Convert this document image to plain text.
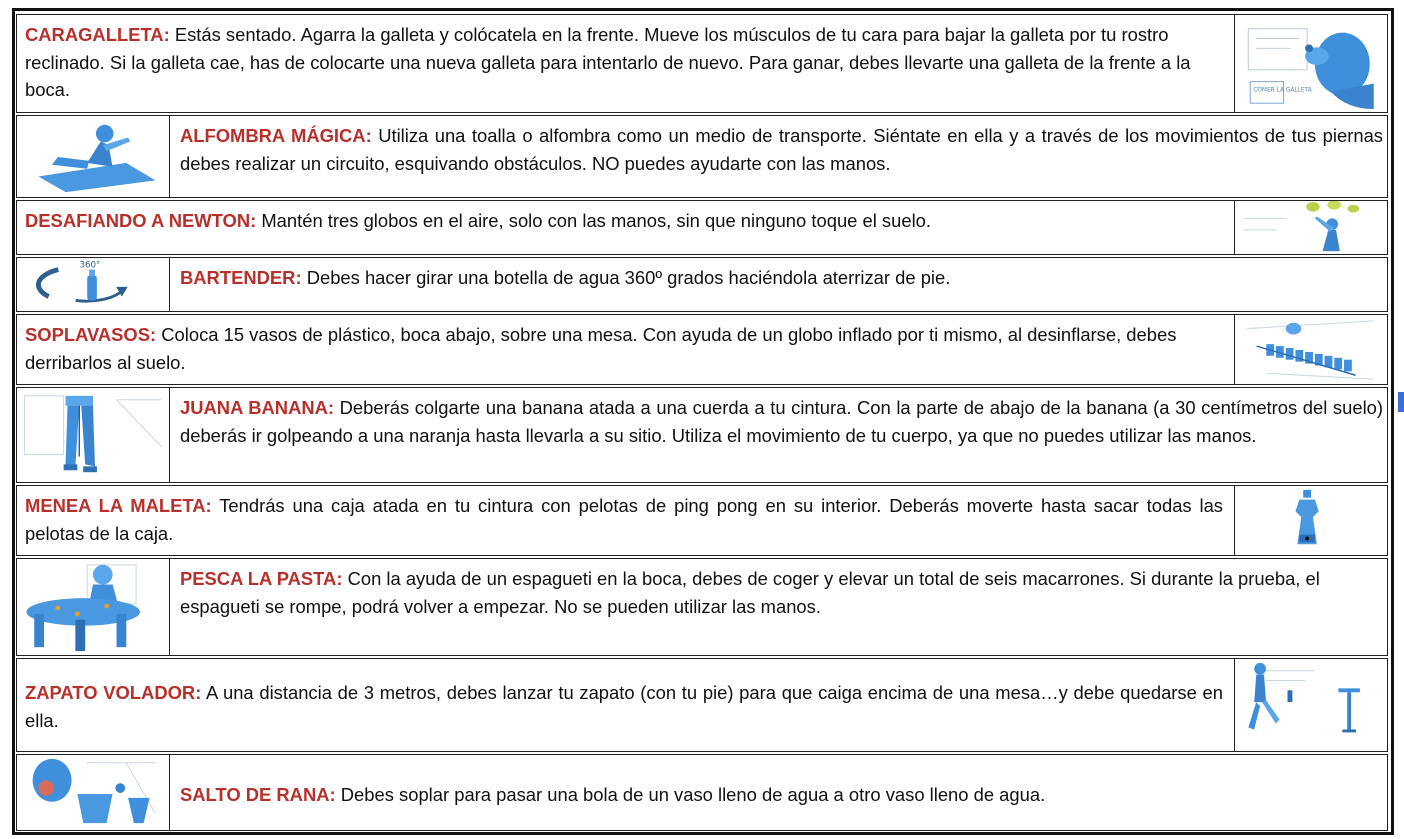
CARAGALLETA: Estás sentado. Agarra la galleta y colócatela en la frente. Mueve los músculos de tu cara para bajar la galleta por tu rostro reclinado. Si la galleta cae, has de colocarte una nueva galleta para intentarlo de nuevo. Para ganar, debes llevarte una galleta de la frente a la boca.	COMER LA GALLETA
ALFOMBRA MÁGICA: Utiliza una toalla o alfombra como un medio de transporte. Siéntate en ella y a través de los movimientos de tus piernas debes realizar un circuito, esquivando obstáculos. NO puedes ayudarte con las manos.
DESAFIANDO A NEWTON: Mantén tres globos en el aire, solo con las manos, sin que ninguno toque el suelo.
360°
BARTENDER: Debes hacer girar una botella de agua 360º grados haciéndola aterrizar de pie.
SOPLAVASOS: Coloca 15 vasos de plástico, boca abajo, sobre una mesa. Con ayuda de un globo inflado por ti mismo, al desinflarse, debes derribarlos al suelo.
JUANA BANANA: Deberás colgarte una banana atada a una cuerda a tu cintura. Con la parte de abajo de la banana (a 30 centímetros del suelo) deberás ir golpeando a una naranja hasta llevarla a su sitio. Utiliza el movimiento de tu cuerpo, ya que no puedes utilizar las manos.
MENEA LA MALETA: Tendrás una caja atada en tu cintura con pelotas de ping pong en su interior. Deberás moverte hasta sacar todas las pelotas de la caja.
PESCA LA PASTA: Con la ayuda de un espagueti en la boca, debes de coger y elevar un total de seis macarrones. Si durante la prueba, el espagueti se rompe, podrá volver a empezar. No se pueden utilizar las manos.
ZAPATO VOLADOR: A una distancia de 3 metros, debes lanzar tu zapato (con tu pie) para que caiga encima de una mesa…y debe quedarse en ella.
SALTO DE RANA: Debes soplar para pasar una bola de un vaso lleno de agua a otro vaso lleno de agua.
